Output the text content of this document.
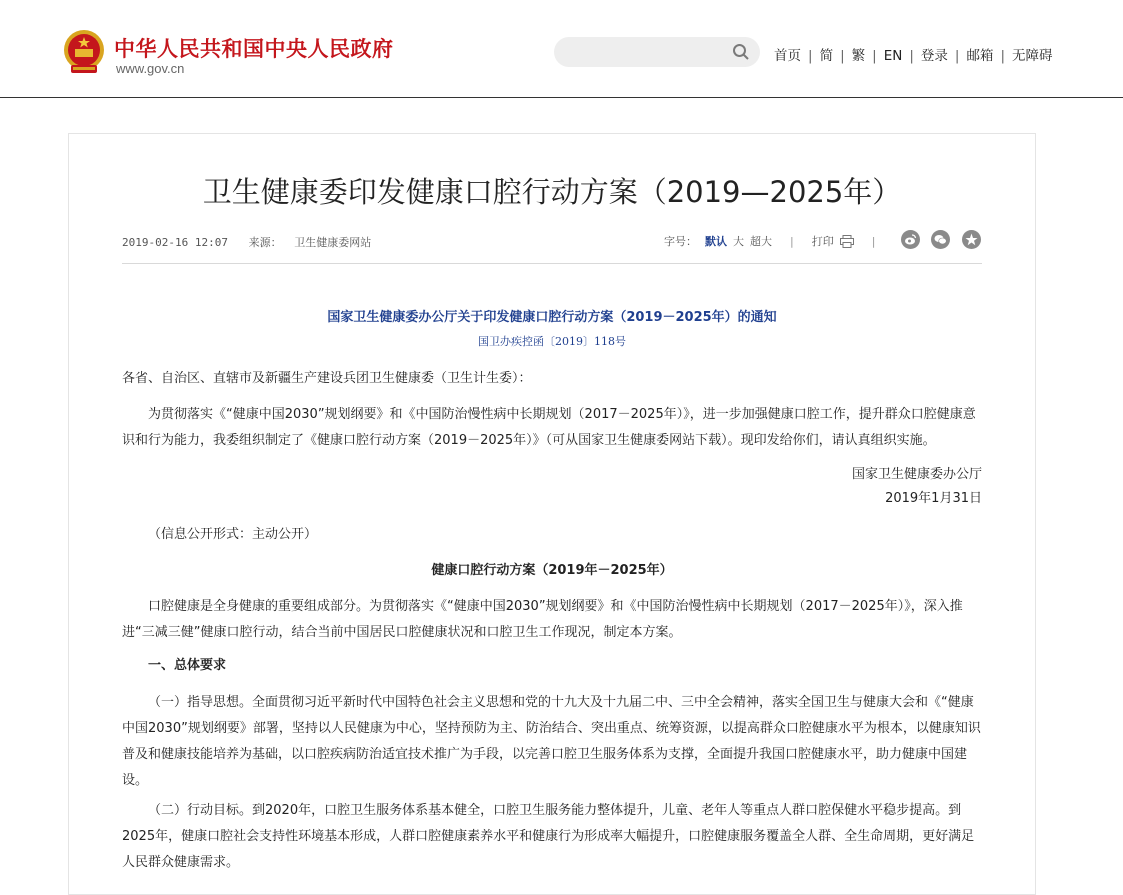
中华人民共和国中央人民政府
www.gov.cn
首页 | 简 | 繁 | EN | 登录 | 邮箱 | 无障碍
卫生健康委印发健康口腔行动方案（2019—2025年）
2019-02-16 12:07 来源： 卫生健康委网站	字号： 默认 大 超大 | 打印	|
国家卫生健康委办公厅关于印发健康口腔行动方案（2019－2025年）的通知
国卫办疾控函〔2019〕118号
各省、自治区、直辖市及新疆生产建设兵团卫生健康委（卫生计生委）：
为贯彻落实《“健康中国2030”规划纲要》和《中国防治慢性病中长期规划（2017－2025年）》，进一步加强健康口腔工作，提升群众口腔健康意识和行为能力，我委组织制定了《健康口腔行动方案（2019－2025年）》（可从国家卫生健康委网站下载）。现印发给你们，请认真组织实施。
国家卫生健康委办公厅
2019年1月31日
（信息公开形式：主动公开）
健康口腔行动方案（2019年－2025年）
口腔健康是全身健康的重要组成部分。为贯彻落实《“健康中国2030”规划纲要》和《中国防治慢性病中长期规划（2017－2025年）》，深入推进“三减三健”健康口腔行动，结合当前中国居民口腔健康状况和口腔卫生工作现况，制定本方案。
一、总体要求
（一）指导思想。全面贯彻习近平新时代中国特色社会主义思想和党的十九大及十九届二中、三中全会精神，落实全国卫生与健康大会和《“健康中国2030”规划纲要》部署，坚持以人民健康为中心，坚持预防为主、防治结合、突出重点、统筹资源，以提高群众口腔健康水平为根本，以健康知识普及和健康技能培养为基础，以口腔疾病防治适宜技术推广为手段，以完善口腔卫生服务体系为支撑，全面提升我国口腔健康水平，助力健康中国建设。
（二）行动目标。到2020年，口腔卫生服务体系基本健全，口腔卫生服务能力整体提升，儿童、老年人等重点人群口腔保健水平稳步提高。到2025年，健康口腔社会支持性环境基本形成，人群口腔健康素养水平和健康行为形成率大幅提升，口腔健康服务覆盖全人群、全生命周期，更好满足人民群众健康需求。
